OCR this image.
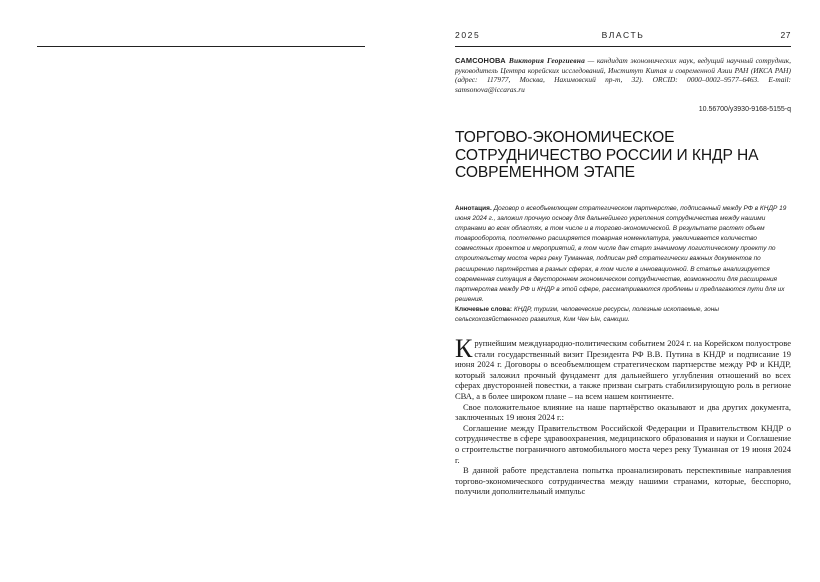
2025	ВЛАСТЬ	27
САМСОНОВА Виктория Георгиевна — кандидат экономических наук, ведущий научный сотрудник, руководитель Центра корейских исследований, Институт Китая и современной Азии РАН (ИКСА РАН) (адрес: 117977, Москва, Нахимовский пр-т, 32). ORCID: 0000–0002–9577–6463. E-mail: samsonova@iccaras.ru
10.56700/y3930-9168-5155-q
ТОРГОВО-ЭКОНОМИЧЕСКОЕ СОТРУДНИЧЕСТВО РОССИИ И КНДР НА СОВРЕМЕННОМ ЭТАПЕ

Аннотация. Договор о всеобъемлющем стратегическом партнерстве, подписанный между РФ в КНДР 19 июня 2024 г., заложил прочную основу для дальнейшего укрепления сотрудничества между нашими странами во всех областях, в том числе и в торгово-экономической. В результате растет объем товарооборота, постепенно расширяется товарная номенклатура, увеличивается количество совместных проектов и мероприятий, в том числе дан старт значимому логистическому проекту по строительству моста через реку Туманная, подписан ряд стратегически важных документов по расширению партнёрства в разных сферах, в том числе в инновационной. В статье анализируется современная ситуация в двустороннем экономическом сотрудничестве, возможности для расширения партнерства между РФ и КНДР в этой сфере, рассматриваются проблемы и предлагаются пути для их решения.

Ключевые слова: КНДР, туризм, человеческие ресурсы, полезные ископаемые, зоны сельскохозяйственного развития, Ким Чен Ын, санкции.

Крупнейшим международно-политическим событием 2024 г. на Корейском полуострове стали государственный визит Президента РФ В.В. Путина в КНДР и подписание 19 июня 2024 г. Договоры о всеобъемлющем стратегическом партнерстве между РФ и КНДР, который заложил прочный фундамент для дальнейшего углубления отношений во всех сферах двусторонней повестки, а также призван сыграть стабилизирующую роль в регионе СВА, а в более широком плане – на всем нашем континенте.

Свое положительное влияние на наше партнёрство оказывают и два других документа, заключенных 19 июня 2024 г.:

Соглашение между Правительством Российской Федерации и Правительством КНДР о сотрудничестве в сфере здравоохранения, медицинского образования и науки и Соглашение о строительстве пограничного автомобильного моста через реку Туманная от 19 июня 2024 г.

В данной работе представлена попытка проанализировать перспективные направления торгово-экономического сотрудничества между нашими странами, которые, бесспорно, получили дополнительный импульс
